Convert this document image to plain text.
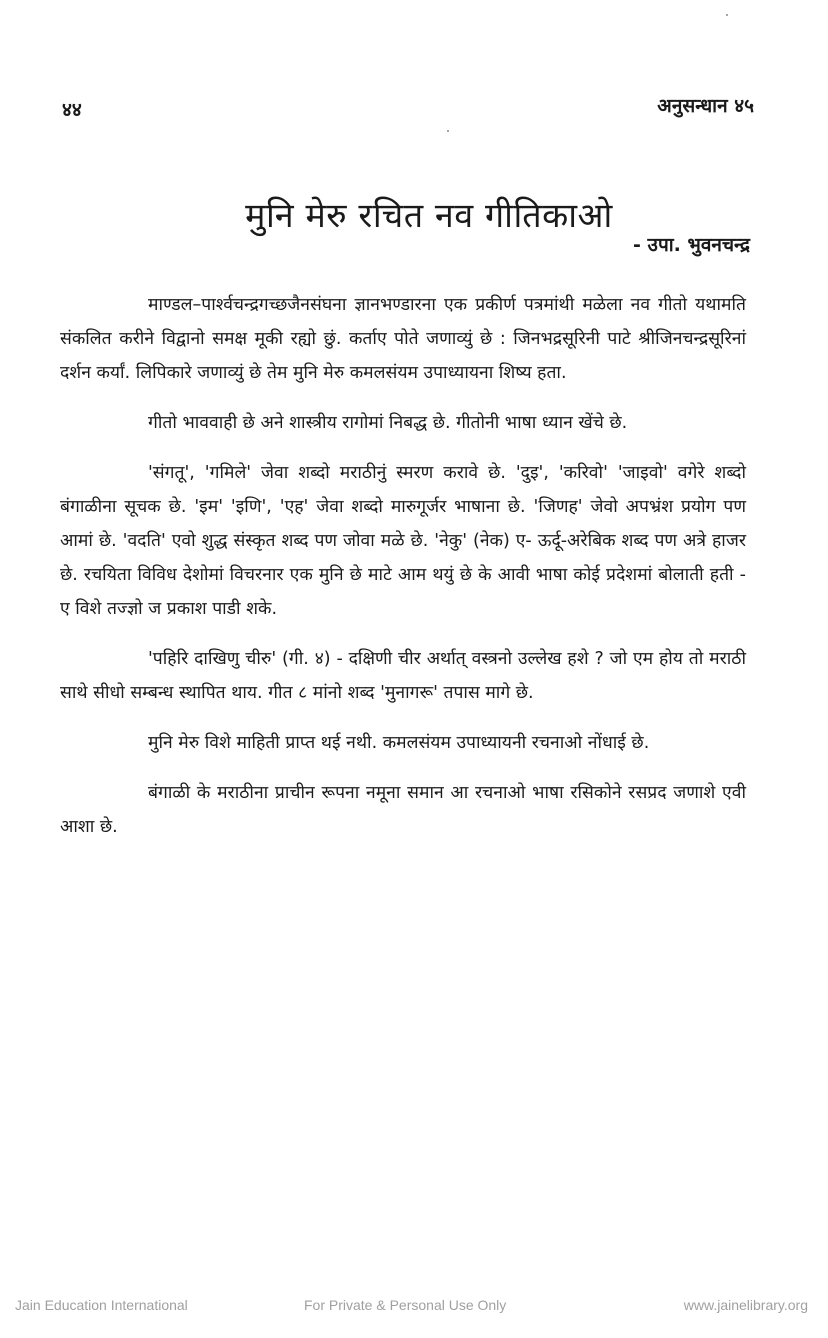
४४	अनुसन्धान ४५
मुनि मेरु रचित नव गीतिकाओ
- उपा. भुवनचन्द्र

माण्डल–पार्श्वचन्द्रगच्छजैनसंघना ज्ञानभण्डारना एक प्रकीर्ण पत्रमांथी मळेला नव गीतो यथामति संकलित करीने विद्वानो समक्ष मूकी रह्यो छुं. कर्ताए पोते जणाव्युं छे : जिनभद्रसूरिनी पाटे श्रीजिनचन्द्रसूरिनां दर्शन कर्यां. लिपिकारे जणाव्युं छे तेम मुनि मेरु कमलसंयम उपाध्यायना शिष्य हता.

गीतो भाववाही छे अने शास्त्रीय रागोमां निबद्ध छे. गीतोनी भाषा ध्यान खेंचे छे.

'संगतू', 'गमिले' जेवा शब्दो मराठीनुं स्मरण करावे छे. 'दुइ', 'करिवो' 'जाइवो' वगेरे शब्दो बंगाळीना सूचक छे. 'इम' 'इणि', 'एह' जेवा शब्दो मारुगूर्जर भाषाना छे. 'जिणह' जेवो अपभ्रंश प्रयोग पण आमां छे. 'वदति' एवो शुद्ध संस्कृत शब्द पण जोवा मळे छे. 'नेकु' (नेक) ए- ऊर्दू-अरेबिक शब्द पण अत्रे हाजर छे. रचयिता विविध देशोमां विचरनार एक मुनि छे माटे आम थयुं छे के आवी भाषा कोई प्रदेशमां बोलाती हती - ए विशे तज्ज्ञो ज प्रकाश पाडी शके.

'पहिरि दाखिणु चीरु' (गी. ४) - दक्षिणी चीर अर्थात् वस्त्रनो उल्लेख हशे ? जो एम होय तो मराठी साथे सीधो सम्बन्ध स्थापित थाय. गीत ८ मांनो शब्द 'मुनागरू' तपास मागे छे.

मुनि मेरु विशे माहिती प्राप्त थई नथी. कमलसंयम उपाध्यायनी रचनाओ नोंधाई छे.

बंगाळी के मराठीना प्राचीन रूपना नमूना समान आ रचनाओ भाषा रसिकोने रसप्रद जणाशे एवी आशा छे.

Jain Education International	For Private & Personal Use Only	www.jainelibrary.org
